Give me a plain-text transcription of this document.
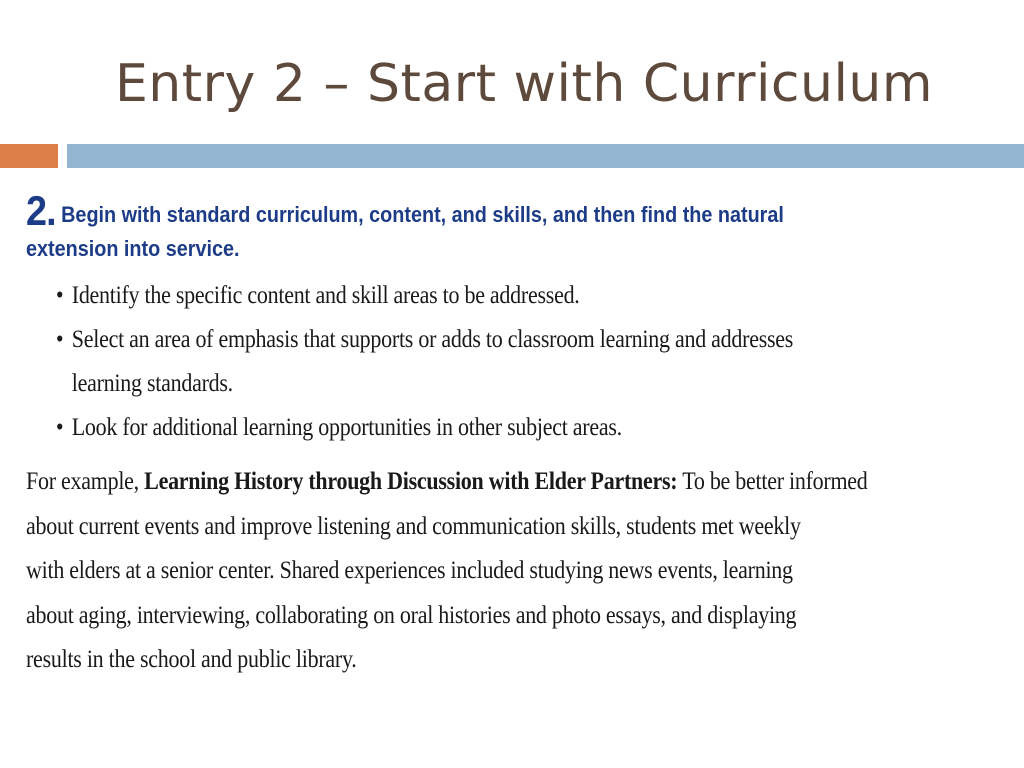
Entry 2 – Start with Curriculum
2. Begin with standard curriculum, content, and skills, and then find the natural
extension into service.
• Identify the specific content and skill areas to be addressed.
• Select an area of emphasis that supports or adds to classroom learning and addresses
learning standards.
• Look for additional learning opportunities in other subject areas.
For example, Learning History through Discussion with Elder Partners: To be better informed
about current events and improve listening and communication skills, students met weekly
with elders at a senior center. Shared experiences included studying news events, learning
about aging, interviewing, collaborating on oral histories and photo essays, and displaying
results in the school and public library.
